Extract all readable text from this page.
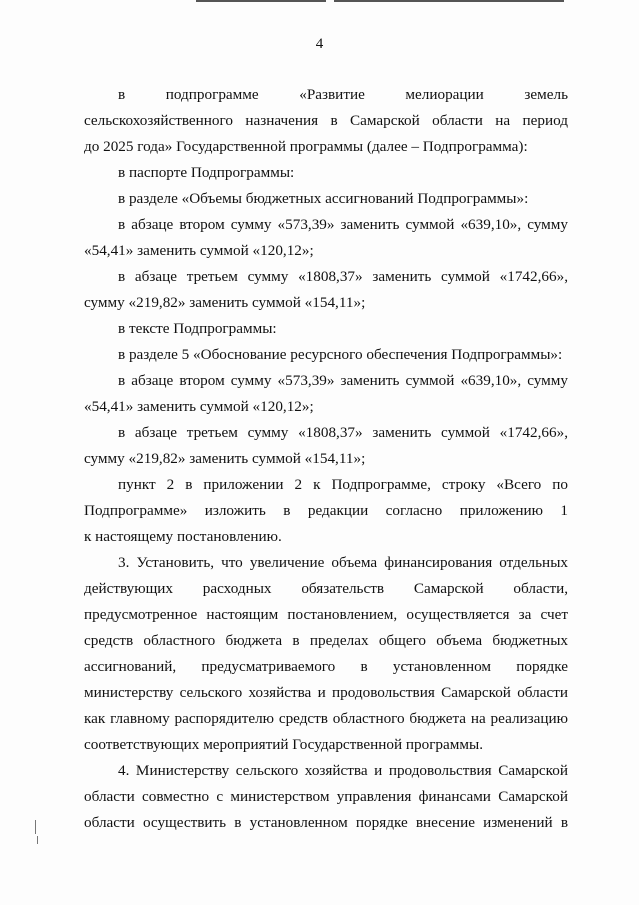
4
в подпрограмме «Развитие мелиорации земель
сельскохозяйственного назначения в Самарской области на период
до 2025 года» Государственной программы (далее – Подпрограмма):
в паспорте Подпрограммы:
в разделе «Объемы бюджетных ассигнований Подпрограммы»:
в абзаце втором сумму «573,39» заменить суммой «639,10», сумму
«54,41» заменить суммой «120,12»;
в абзаце третьем сумму «1808,37» заменить суммой «1742,66»,
сумму «219,82» заменить суммой «154,11»;
в тексте Подпрограммы:
в разделе 5 «Обоснование ресурсного обеспечения Подпрограммы»:
в абзаце втором сумму «573,39» заменить суммой «639,10», сумму
«54,41» заменить суммой «120,12»;
в абзаце третьем сумму «1808,37» заменить суммой «1742,66»,
сумму «219,82» заменить суммой «154,11»;
пункт 2 в приложении 2 к Подпрограмме, строку «Всего по
Подпрограмме» изложить в редакции согласно приложению 1
к настоящему постановлению.
3. Установить, что увеличение объема финансирования отдельных
действующих расходных обязательств Самарской области,
предусмотренное настоящим постановлением, осуществляется за счет
средств областного бюджета в пределах общего объема бюджетных
ассигнований, предусматриваемого в установленном порядке
министерству сельского хозяйства и продовольствия Самарской области
как главному распорядителю средств областного бюджета на реализацию
соответствующих мероприятий Государственной программы.
4. Министерству сельского хозяйства и продовольствия Самарской
области совместно с министерством управления финансами Самарской
области осуществить в установленном порядке внесение изменений в
